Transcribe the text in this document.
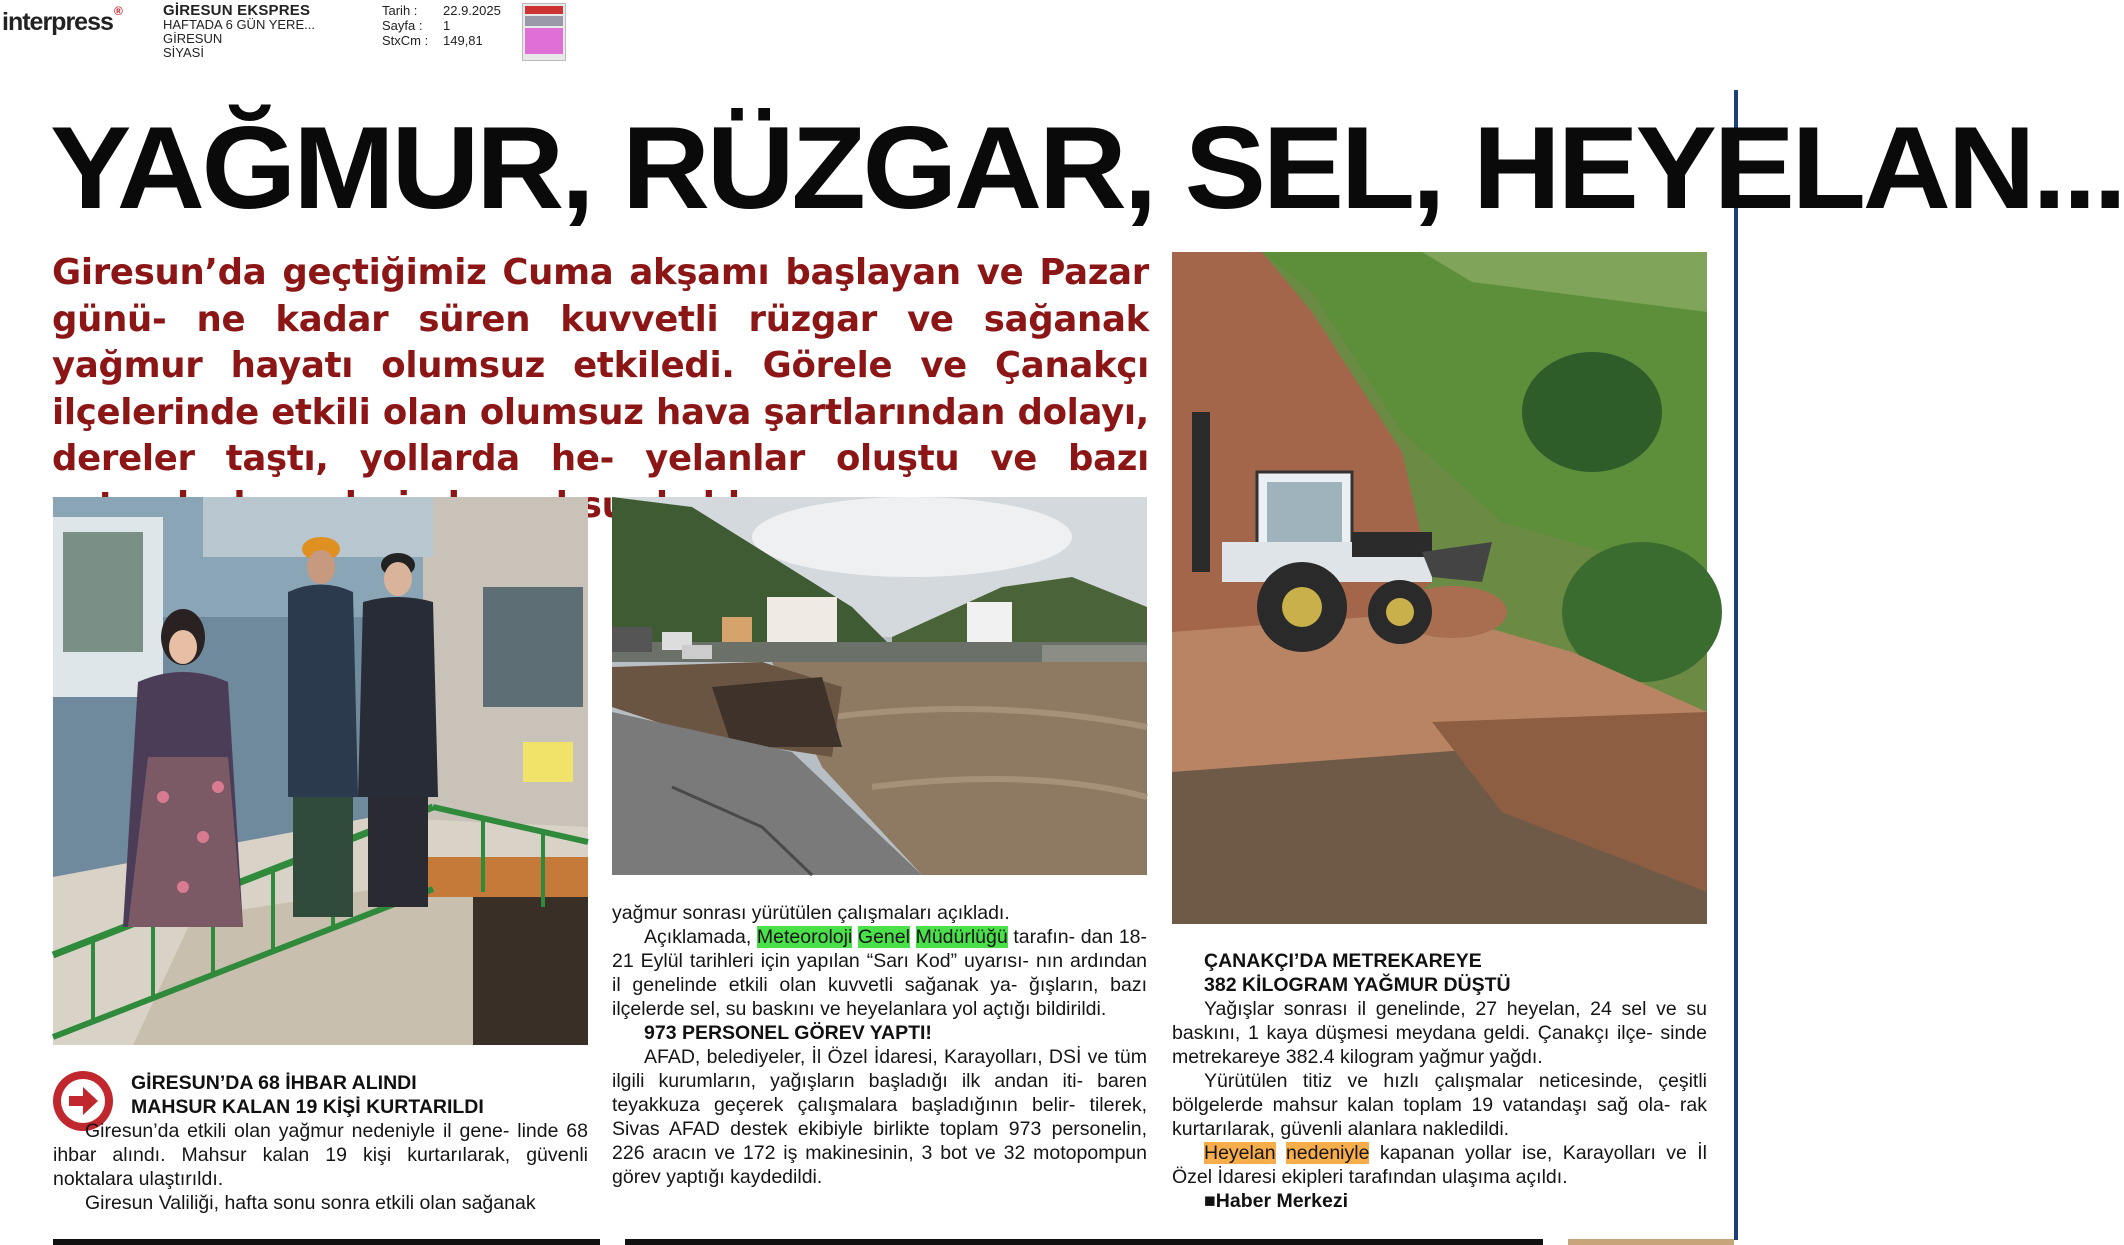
interpress ®	GİRESUN EKSPRES
HAFTADA 6 GÜN YERE...
GİRESUN
SİYASİ
Tarih : 22.9.2025
Sayfa : 1
StxCm : 149,81
YAĞMUR, RÜZGAR, SEL, HEYELAN...
Giresun’da geçtiğimiz Cuma akşamı başlayan ve Pazar günü- ne kadar süren kuvvetli rüzgar ve sağanak yağmur hayatı olumsuz etkiledi. Görele ve Çanakçı ilçelerinde etkili olan olumsuz hava şartlarından dolayı, dereler taştı, yollarda he- yelanlar oluştu ve bazı
GİRESUN’DA 68 İHBAR ALINDI
MAHSUR KALAN 19 KİŞİ KURTARILDI

Giresun’da etkili olan yağmur nedeniyle il gene- linde 68 ihbar alındı. Mahsur kalan 19 kişi kurtarılarak, güvenli noktalara ulaştırıldı.

Giresun Valiliği, hafta sonu sonra etkili olan sağanak

yağmur sonrası yürütülen çalışmaları açıkladı.

Açıklamada, Meteoroloji Genel Müdürlüğü tarafın- dan 18-21 Eylül tarihleri için yapılan “Sarı Kod” uyarısı- nın ardından il genelinde etkili olan kuvvetli sağanak ya- ğışların, bazı ilçelerde sel, su baskını ve heyelanlara yol açtığı bildirildi.

973 PERSONEL GÖREV YAPTI!

AFAD, belediyeler, İl Özel İdaresi, Karayolları, DSİ ve tüm ilgili kurumların, yağışların başladığı ilk andan iti- baren teyakkuza geçerek çalışmalara başladığının belir- tilerek, Sivas AFAD destek ekibiyle birlikte toplam 973 personelin, 226 aracın ve 172 iş makinesinin, 3 bot ve 32 motopompun görev yaptığı kaydedildi.

ÇANAKÇI’DA METREKAREYE
382 KİLOGRAM YAĞMUR DÜŞTÜ

Yağışlar sonrası il genelinde, 27 heyelan, 24 sel ve su baskını, 1 kaya düşmesi meydana geldi. Çanakçı ilçe- sinde metrekareye 382.4 kilogram yağmur yağdı.

Yürütülen titiz ve hızlı çalışmalar neticesinde, çeşitli bölgelerde mahsur kalan toplam 19 vatandaşı sağ ola- rak kurtarılarak, güvenli alanlara nakledildi.

Heyelan nedeniyle kapanan yollar ise, Karayolları ve İl Özel İdaresi ekipleri tarafından ulaşıma açıldı.

■Haber Merkezi
